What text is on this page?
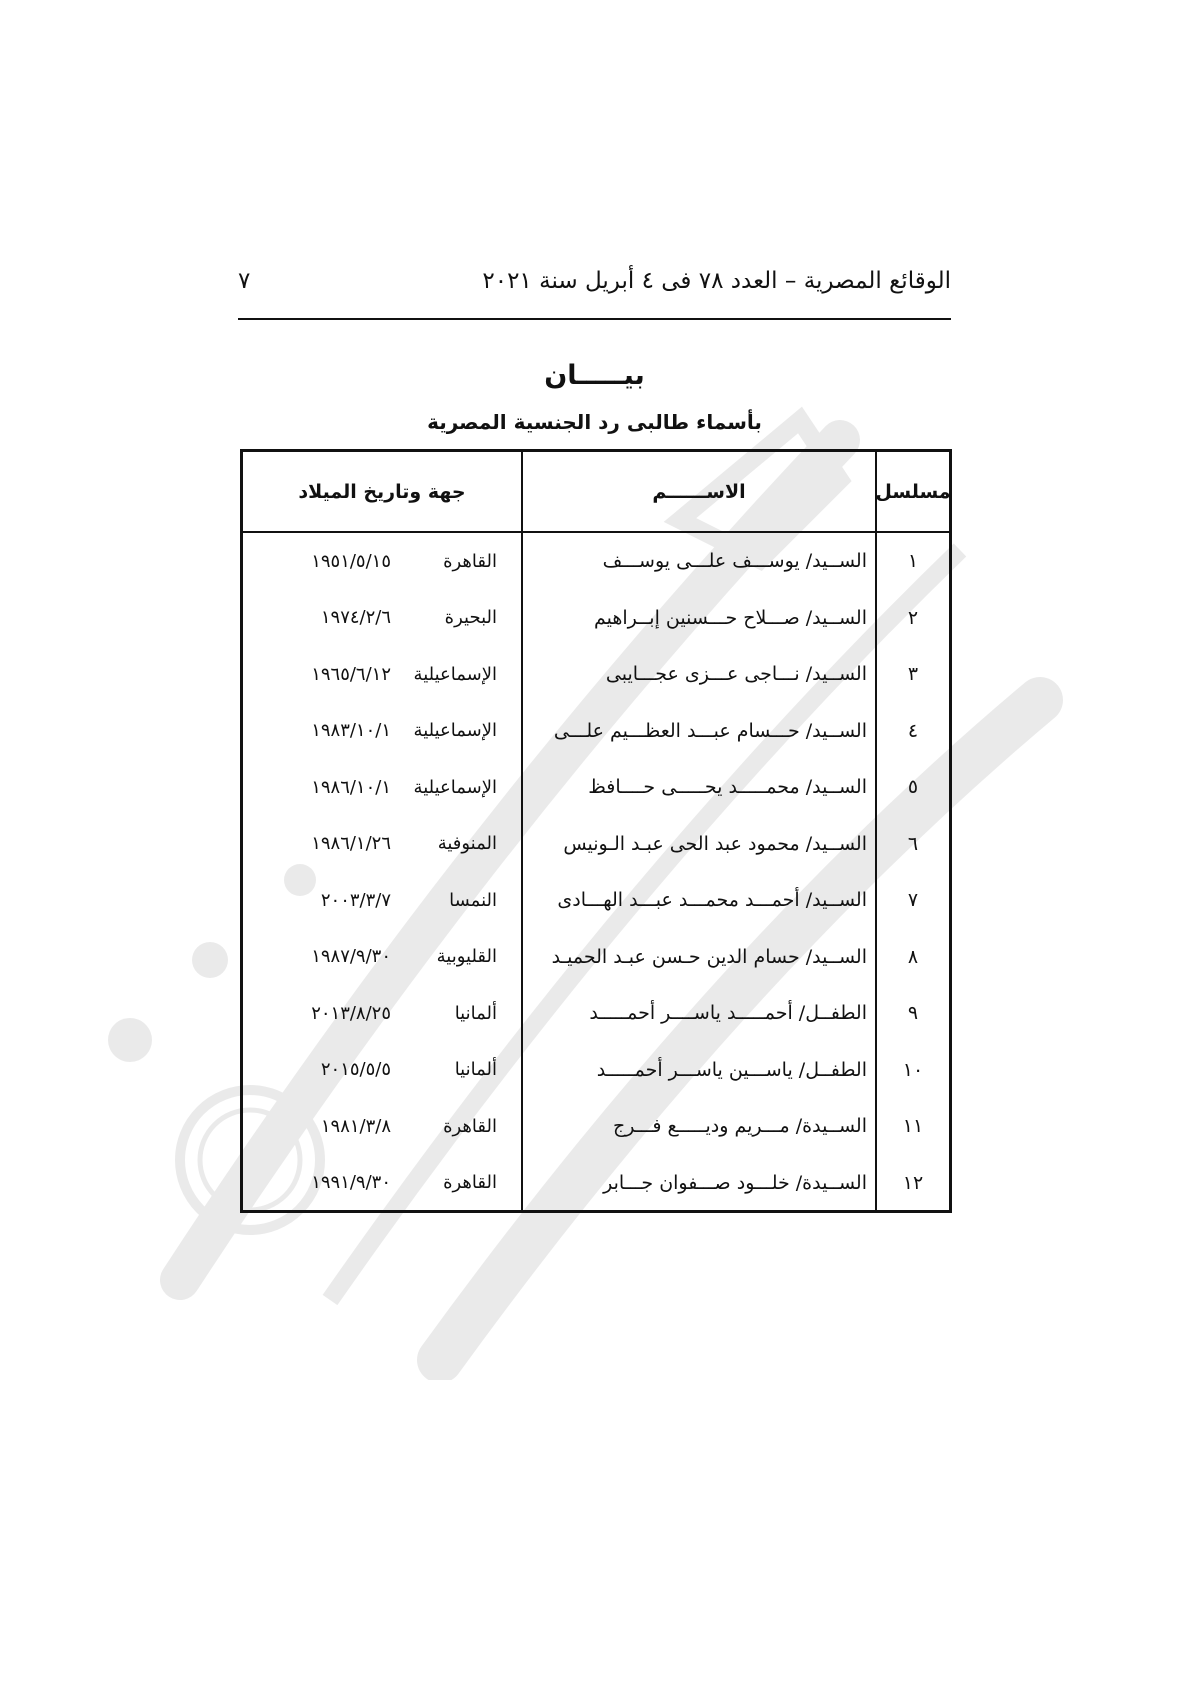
الوقائع المصرية – العدد ٧٨ فى ٤ أبريل سنة ٢٠٢١
٧
بيـــــان
بأسماء طالبى رد الجنسية المصرية
مسلسل
الاســــــم
جهة وتاريخ الميلاد
١
الســيد/ يوســـف علـــى يوســـف
القاهرة
١٩٥١/٥/١٥
٢
الســيد/ صـــلاح حـــسنين إبــراهيم
البحيرة
١٩٧٤/٢/٦
٣
الســيد/ نـــاجى عـــزى عجـــايبى
الإسماعيلية
١٩٦٥/٦/١٢
٤
الســيد/ حـــسام عبـــد العظـــيم علـــى
الإسماعيلية
١٩٨٣/١٠/١
٥
الســيد/ محمـــــد يحـــــى حــــافظ
الإسماعيلية
١٩٨٦/١٠/١
٦
الســيد/ محمود عبد الحى عبـد الـونيس
المنوفية
١٩٨٦/١/٢٦
٧
الســيد/ أحمـــد محمـــد عبـــد الهـــادى
النمسا
٢٠٠٣/٣/٧
٨
الســيد/ حسام الدين حـسن عبـد الحميـد
القليوبية
١٩٨٧/٩/٣٠
٩
الطفــل/ أحمـــــد ياســــر أحمـــــد
ألمانيا
٢٠١٣/٨/٢٥
١٠
الطفــل/ ياســـين ياســـر أحمـــــد
ألمانيا
٢٠١٥/٥/٥
١١
الســيدة/ مـــريم وديـــــع فـــرج
القاهرة
١٩٨١/٣/٨
١٢
الســيدة/ خلـــود صـــفوان جـــابر
القاهرة
١٩٩١/٩/٣٠
